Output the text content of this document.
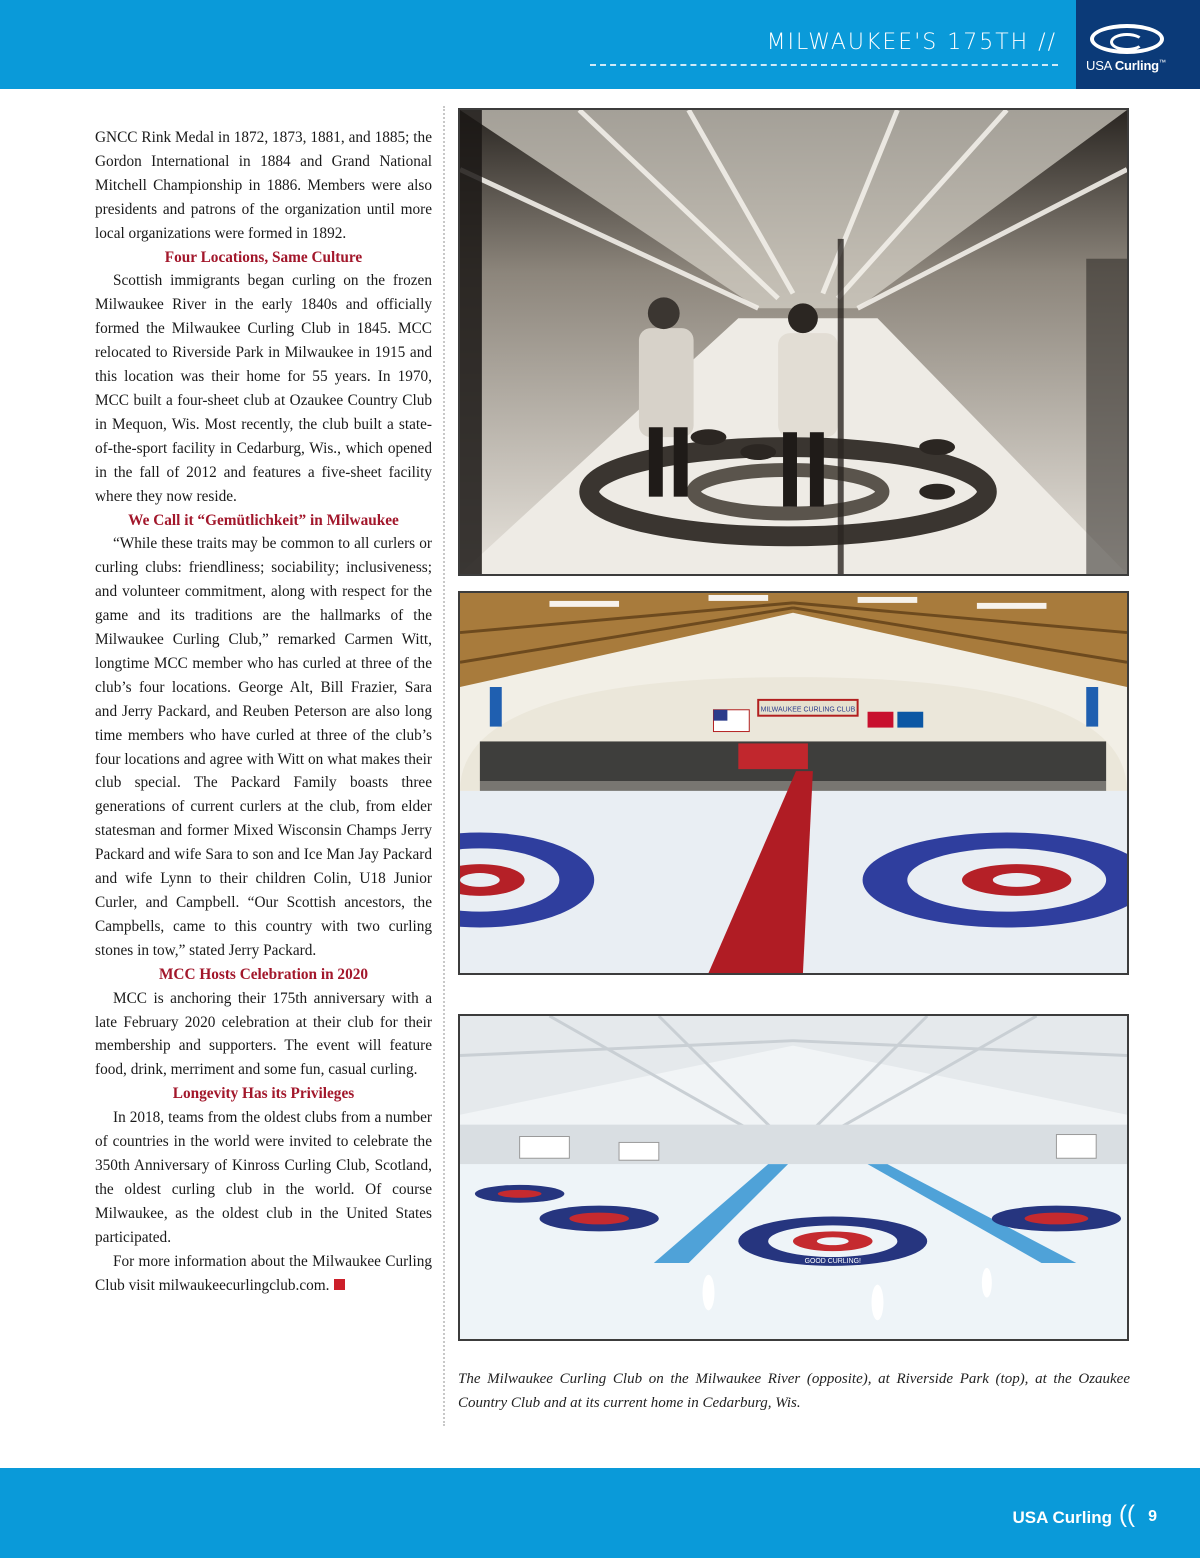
MILWAUKEE'S 175TH //
USA Curling™

GNCC Rink Medal in 1872, 1873, 1881, and 1885; the Gordon International in 1884 and Grand National Mitchell Championship in 1886. Members were also presidents and patrons of the organization until more local organizations were formed in 1892.

Four Locations, Same Culture

Scottish immigrants began curling on the frozen Milwaukee River in the early 1840s and officially formed the Milwaukee Curling Club in 1845. MCC relocated to Riverside Park in Milwaukee in 1915 and this location was their home for 55 years. In 1970, MCC built a four-sheet club at Ozaukee Country Club in Mequon, Wis. Most recently, the club built a state-of-the-sport facility in Cedarburg, Wis., which opened in the fall of 2012 and features a five-sheet facility where they now reside.

We Call it “Gemütlichkeit” in Milwaukee

“While these traits may be common to all curlers or curling clubs: friendliness; sociability; inclusiveness; and volunteer commitment, along with respect for the game and its traditions are the hallmarks of the Milwaukee Curling Club,” remarked Carmen Witt, longtime MCC member who has curled at three of the club’s four locations. George Alt, Bill Frazier, Sara and Jerry Packard, and Reuben Peterson are also long time members who have curled at three of the club’s four locations and agree with Witt on what makes their club special. The Packard Family boasts three generations of current curlers at the club, from elder statesman and former Mixed Wisconsin Champs Jerry Packard and wife Sara to son and Ice Man Jay Packard and wife Lynn to their children Colin, U18 Junior Curler, and Campbell. “Our Scottish ancestors, the Campbells, came to this country with two curling stones in tow,” stated Jerry Packard.

MCC Hosts Celebration in 2020

MCC is anchoring their 175th anniversary with a late February 2020 celebration at their club for their membership and supporters. The event will feature food, drink, merriment and some fun, casual curling.

Longevity Has its Privileges

In 2018, teams from the oldest clubs from a number of countries in the world were invited to celebrate the 350th Anniversary of Kinross Curling Club, Scotland, the oldest curling club in the world. Of course Milwaukee, as the oldest club in the United States participated.

For more information about the Milwaukee Curling Club visit milwaukeecurlingclub.com.

MILWAUKEE CURLING CLUB
GOOD CURLING!
The Milwaukee Curling Club on the Milwaukee River (opposite), at Riverside Park (top), at the Ozaukee Country Club and at its current home in Cedarburg, Wis.
USA Curling (( 9
